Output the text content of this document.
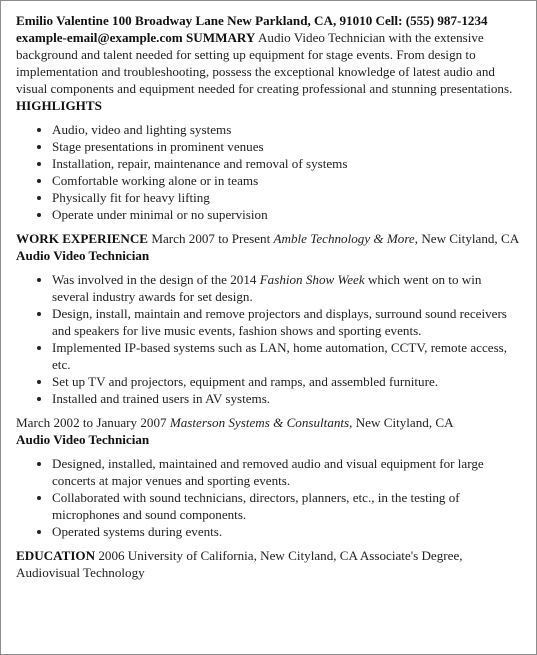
Emilio Valentine 100 Broadway Lane New Parkland, CA, 91010 Cell: (555) 987-1234 example-email@example.com SUMMARY Audio Video Technician with the extensive background and talent needed for setting up equipment for stage events. From design to implementation and troubleshooting, possess the exceptional knowledge of latest audio and visual components and equipment needed for creating professional and stunning presentations. HIGHLIGHTS

• Audio, video and lighting systems
• Stage presentations in prominent venues
• Installation, repair, maintenance and removal of systems
• Comfortable working alone or in teams
• Physically fit for heavy lifting
• Operate under minimal or no supervision

WORK EXPERIENCE March 2007 to Present Amble Technology & More, New Cityland, CA Audio Video Technician

• Was involved in the design of the 2014 Fashion Show Week which went on to win several industry awards for set design.
• Design, install, maintain and remove projectors and displays, surround sound receivers and speakers for live music events, fashion shows and sporting events.
• Implemented IP-based systems such as LAN, home automation, CCTV, remote access, etc.
• Set up TV and projectors, equipment and ramps, and assembled furniture.
• Installed and trained users in AV systems.

March 2002 to January 2007 Masterson Systems & Consultants, New Cityland, CA
Audio Video Technician

• Designed, installed, maintained and removed audio and visual equipment for large concerts at major venues and sporting events.
• Collaborated with sound technicians, directors, planners, etc., in the testing of microphones and sound components.
• Operated systems during events.

EDUCATION 2006 University of California, New Cityland, CA Associate's Degree, Audiovisual Technology
